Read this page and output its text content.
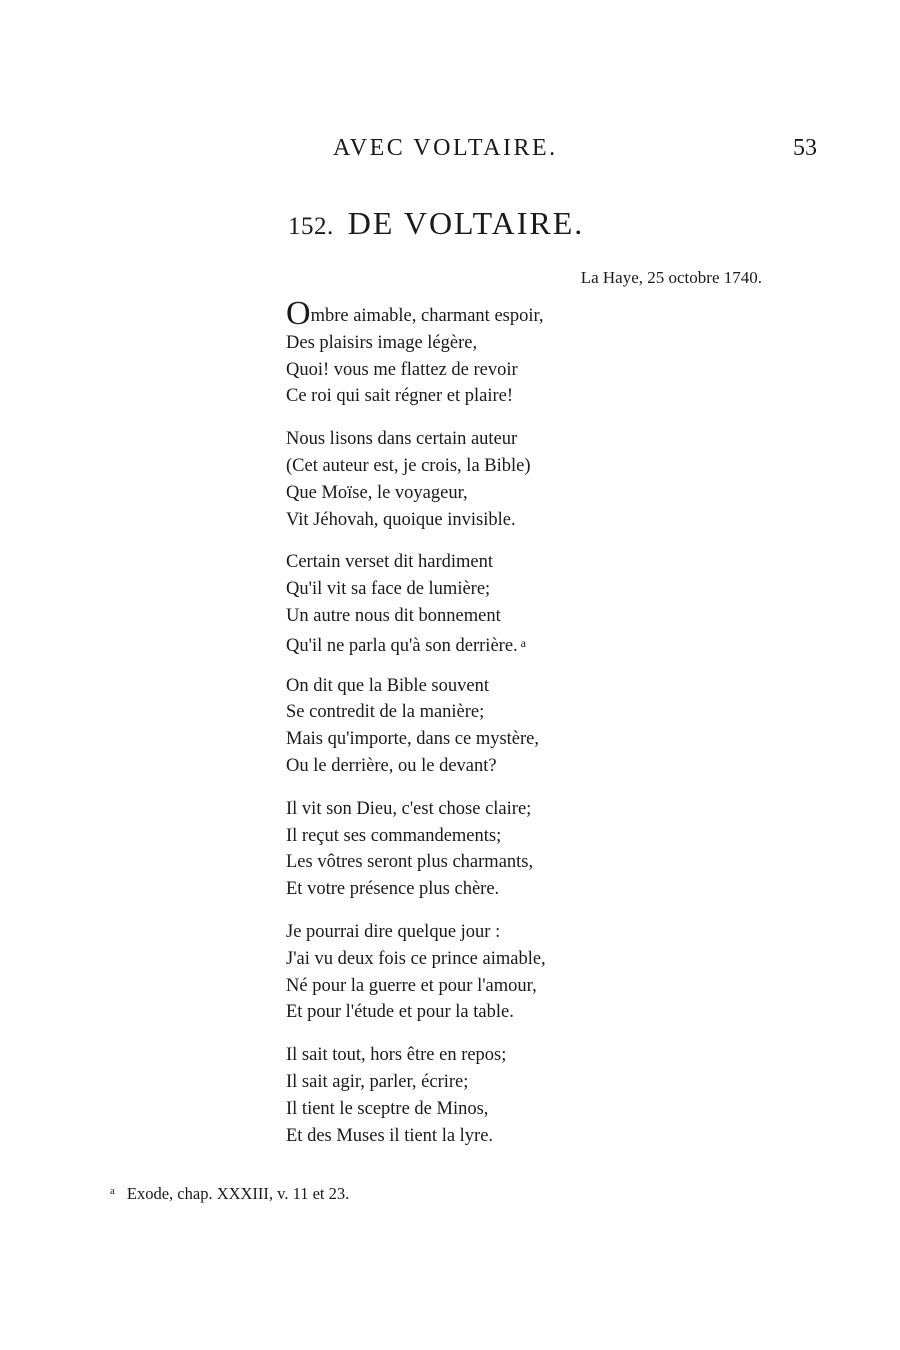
AVEC VOLTAIRE.	53
152. DE VOLTAIRE.
La Haye, 25 octobre 1740.
Ombre aimable, charmant espoir,
Des plaisirs image légère,
Quoi! vous me flattez de revoir
Ce roi qui sait régner et plaire!
Nous lisons dans certain auteur
(Cet auteur est, je crois, la Bible)
Que Moïse, le voyageur,
Vit Jéhovah, quoique invisible.
Certain verset dit hardiment
Qu'il vit sa face de lumière;
Un autre nous dit bonnement
Qu'il ne parla qu'à son derrière. $^a$
On dit que la Bible souvent
Se contredit de la manière;
Mais qu'importe, dans ce mystère,
Ou le derrière, ou le devant?
Il vit son Dieu, c'est chose claire;
Il reçut ses commandements;
Les vôtres seront plus charmants,
Et votre présence plus chère.
Je pourrai dire quelque jour :
J'ai vu deux fois ce prince aimable,
Né pour la guerre et pour l'amour,
Et pour l'étude et pour la table.
Il sait tout, hors être en repos;
Il sait agir, parler, écrire;
Il tient le sceptre de Minos,
Et des Muses il tient la lyre.
$^a$ Exode, chap. XXXIII, v. 11 et 23.
